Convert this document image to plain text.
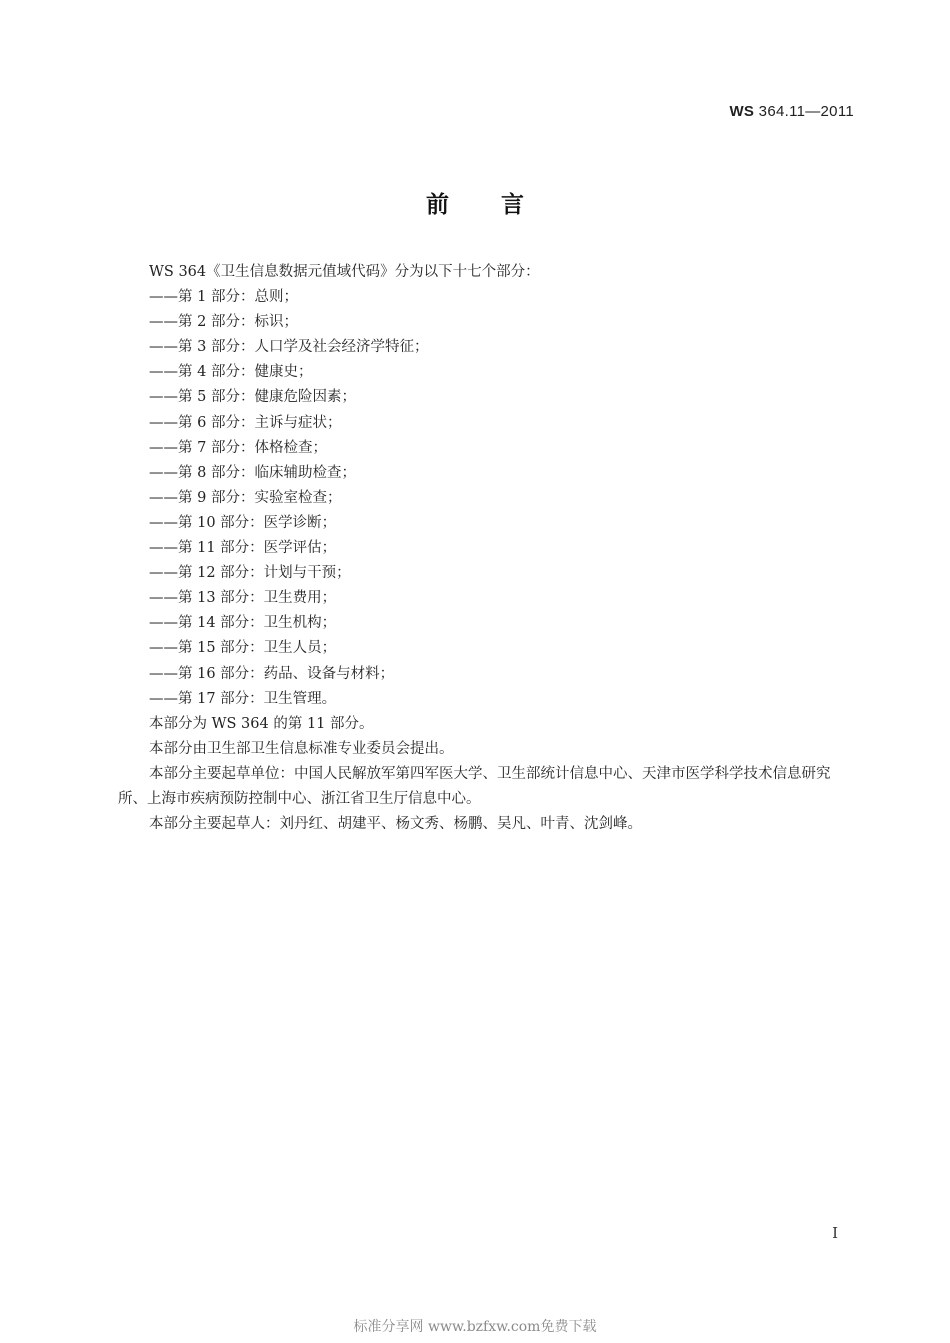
WS 364.11—2011
前言
WS 364《卫生信息数据元值域代码》分为以下十七个部分：
——第 1 部分：总则；
——第 2 部分：标识；
——第 3 部分：人口学及社会经济学特征；
——第 4 部分：健康史；
——第 5 部分：健康危险因素；
——第 6 部分：主诉与症状；
——第 7 部分：体格检查；
——第 8 部分：临床辅助检查；
——第 9 部分：实验室检查；
——第 10 部分：医学诊断；
——第 11 部分：医学评估；
——第 12 部分：计划与干预；
——第 13 部分：卫生费用；
——第 14 部分：卫生机构；
——第 15 部分：卫生人员；
——第 16 部分：药品、设备与材料；
——第 17 部分：卫生管理。
本部分为 WS 364 的第 11 部分。
本部分由卫生部卫生信息标准专业委员会提出。
本部分主要起草单位：中国人民解放军第四军医大学、卫生部统计信息中心、天津市医学科学技术信息研究所、上海市疾病预防控制中心、浙江省卫生厅信息中心。
本部分主要起草人：刘丹红、胡建平、杨文秀、杨鹏、吴凡、叶青、沈剑峰。
I
标准分享网 www.bzfxw.com免费下载
